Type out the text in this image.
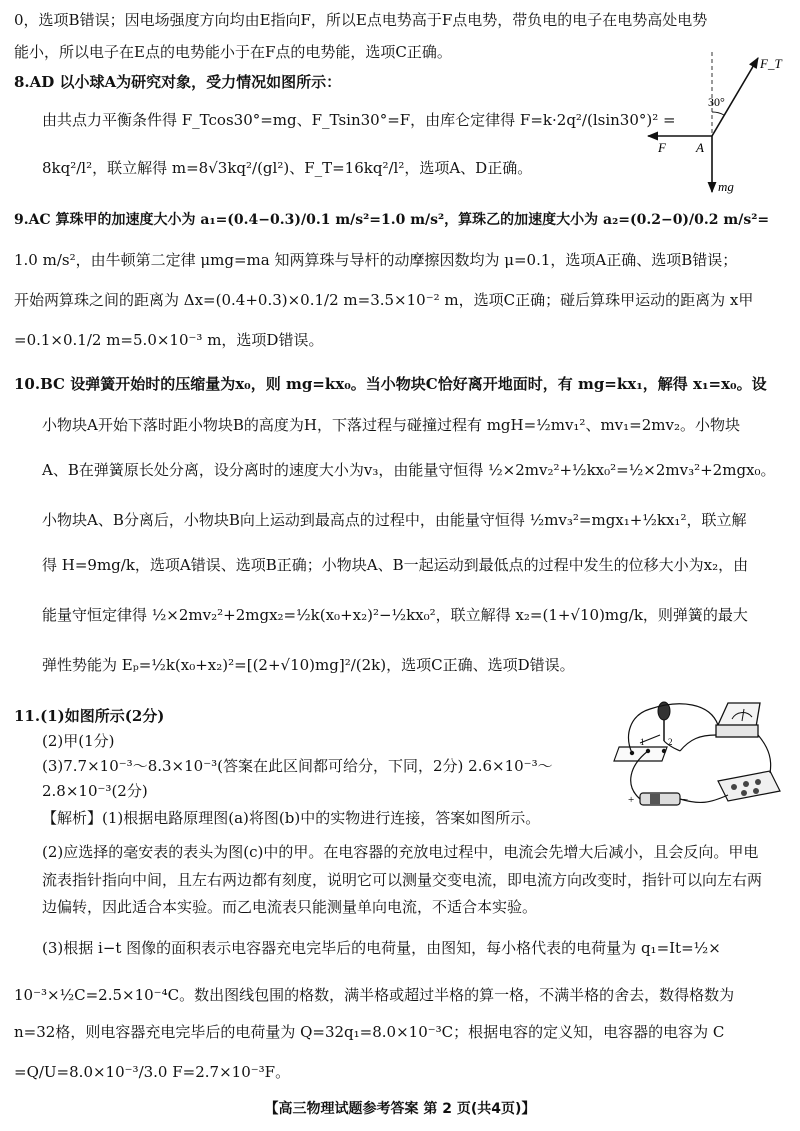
0，选项B错误；因电场强度方向均由E指向F，所以E点电势高于F点电势，带负电的电子在电势高处电势
能小，所以电子在E点的电势能小于在F点的电势能，选项C正确。
8.AD 以小球A为研究对象，受力情况如图所示：
由共点力平衡条件得 F_Tcos30°=mg、F_Tsin30°=F，由库仑定律得 F=k·2q²/(lsin30°)² =
8kq²/l²，联立解得 m=8√3kq²/(gl²)、F_T=16kq²/l²，选项A、D正确。
9.AC 算珠甲的加速度大小为 a₁=(0.4−0.3)/0.1 m/s²=1.0 m/s²，算珠乙的加速度大小为 a₂=(0.2−0)/0.2 m/s²=
1.0 m/s²，由牛顿第二定律 μmg=ma 知两算珠与导杆的动摩擦因数均为 μ=0.1，选项A正确、选项B错误；
开始两算珠之间的距离为 Δx=(0.4+0.3)×0.1/2 m=3.5×10⁻² m，选项C正确；碰后算珠甲运动的距离为 x甲
=0.1×0.1/2 m=5.0×10⁻³ m，选项D错误。
10.BC 设弹簧开始时的压缩量为x₀，则 mg=kx₀。当小物块C恰好离开地面时，有 mg=kx₁，解得 x₁=x₀。设
小物块A开始下落时距小物块B的高度为H，下落过程与碰撞过程有 mgH=½mv₁²、mv₁=2mv₂。小物块
A、B在弹簧原长处分离，设分离时的速度大小为v₃，由能量守恒得 ½×2mv₂²+½kx₀²=½×2mv₃²+2mgx₀。
小物块A、B分离后，小物块B向上运动到最高点的过程中，由能量守恒得 ½mv₃²=mgx₁+½kx₁²，联立解
得 H=9mg/k，选项A错误、选项B正确；小物块A、B一起运动到最低点的过程中发生的位移大小为x₂，由
能量守恒定律得 ½×2mv₂²+2mgx₂=½k(x₀+x₂)²−½kx₀²，联立解得 x₂=(1+√10)mg/k，则弹簧的最大
弹性势能为 Eₚ=½k(x₀+x₂)²=[(2+√10)mg]²/(2k)，选项C正确、选项D错误。
11.(1)如图所示(2分)
(2)甲(1分)
(3)7.7×10⁻³～8.3×10⁻³(答案在此区间都可给分，下同，2分) 2.6×10⁻³～
2.8×10⁻³(2分)
【解析】(1)根据电路原理图(a)将图(b)中的实物进行连接，答案如图所示。
(2)应选择的毫安表的表头为图(c)中的甲。在电容器的充放电过程中，电流会先增大后减小，且会反向。甲电
流表指针指向中间，且左右两边都有刻度，说明它可以测量交变电流，即电流方向改变时，指针可以向左右两
边偏转，因此适合本实验。而乙电流表只能测量单向电流，不适合本实验。
(3)根据 i−t 图像的面积表示电容器充电完毕后的电荷量，由图知，每小格代表的电荷量为 q₁=It=½×
10⁻³×½C=2.5×10⁻⁴C。数出图线包围的格数，满半格或超过半格的算一格，不满半格的舍去，数得格数为
n=32格，则电容器充电完毕后的电荷量为 Q=32q₁=8.0×10⁻³C；根据电容的定义知，电容器的电容为 C
=Q/U=8.0×10⁻³/3.0 F=2.7×10⁻³F。
F_T
30°
F A
mg
1	2
+	−
【高三物理试题参考答案 第 2 页(共4页)】
